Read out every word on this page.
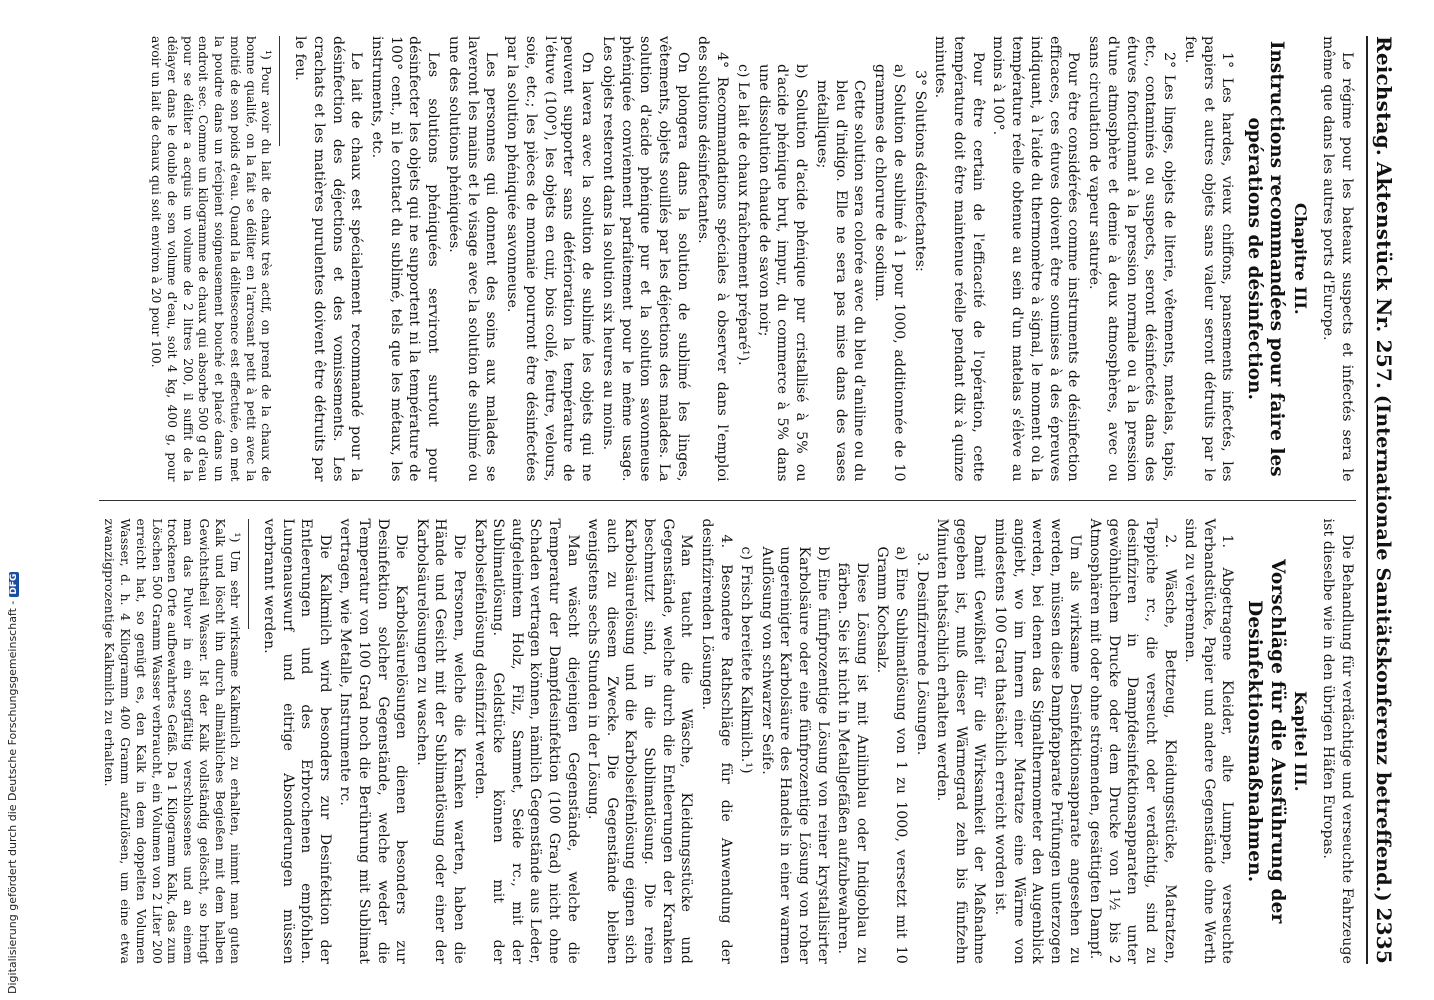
Reichstag.
Aktenstück Nr. 257.
(Internationale Sanitätskonferenz betreffend.)
2335

Le régime pour les bateaux suspects et infectés sera le même que dans les autres ports d'Europe.

Chapitre III.

Instructions recommandées pour faire les opérations de désinfection.

1° Les hardes, vieux chiffons, pansements infectés, les papiers et autres objets sans valeur seront détruits par le feu.

2° Les linges, objets de literie, vêtements, matelas, tapis, etc., contaminés ou suspects, seront désinfectés dans des étuves fonctionnant à la pression normale ou à la pression d'une atmosphère et demie à deux atmosphères, avec ou sans circulation de vapeur saturée.

Pour être considérées comme instruments de désinfection efficaces, ces étuves doivent être soumises à des épreuves indiquant, à l'aide du thermomètre à signal, le moment où la température réelle obtenue au sein d'un matelas s'élève au moins à 100°.

Pour être certain de l'efficacité de l'opération, cette température doit être maintenue réelle pendant dix à quinze minutes.

3° Solutions désinfectantes:

a) Solution de sublimé à 1 pour 1000, additionnée de 10 grammes de chlorure de sodium.

Cette solution sera colorée avec du bleu d'aniline ou du bleu d'indigo. Elle ne sera pas mise dans des vases métalliques;

b) Solution d'acide phénique pur cristallisé à 5% ou d'acide phénique brut, impur, du commerce à 5% dans une dissolution chaude de savon noir;

c) Le lait de chaux fraîchement préparé¹).

4° Recommandations spéciales à observer dans l'emploi des solutions désinfectantes.

On plongera dans la solution de sublimé les linges, vêtements, objets souillés par les déjections des malades. La solution d'acide phénique pur et la solution savonneuse phéniquée conviennent parfaitement pour le même usage. Les objets resteront dans la solution six heures au moins.

On lavera avec la solution de sublimé les objets qui ne peuvent supporter sans détérioration la température de l'étuve (100°), les objets en cuir, bois collé, feutre, velours, soie, etc.; les pièces de monnaie pourront être désinfectées par la solution phéniquée savonneuse.

Les personnes qui donnent des soins aux malades se laveront les mains et le visage avec la solution de sublimé ou une des solutions phéniquées.

Les solutions phéniquées serviront surtout pour désinfecter les objets qui ne supportent ni la température de 100° cent., ni le contact du sublimé, tels que les métaux, les instruments, etc.

Le lait de chaux est spécialement recommandé pour la désinfection des déjections et des vomissements. Les crachats et les matières purulentes doivent être détruits par le feu.

¹) Pour avoir du lait de chaux très actif, on prend de la chaux de bonne qualité, on la fait se déliter en l'arrosant petit à petit avec la moitié de son poids d'eau. Quand la délitescence est effectuée, on met la poudre dans un récipient soigneusement bouché et placé dans un endroit sec. Comme un kilogramme de chaux qui absorbe 500 g d'eau pour se déliter a acquis un volume de 2 litres 200, il suffit de la délayer dans le double de son volume d'eau, soit 4 kg, 400 g, pour avoir un lait de chaux qui soit environ à 20 pour 100.

Die Behandlung für verdächtige und verseuchte Fahrzeuge ist dieselbe wie in den übrigen Häfen Europas.

Kapitel III.

Vorschläge für die Ausführung der Desinfektionsmaßnahmen.

1. Abgetragene Kleider, alte Lumpen, verseuchte Verbandstücke, Papier und andere Gegenstände ohne Werth sind zu verbrennen.

2. Wäsche, Bettzeug, Kleidungsstücke, Matratzen, Teppiche rc., die verseucht oder verdächtig, sind zu desinfiziren in Dampfdesinfektionsapparaten unter gewöhnlichem Drucke oder dem Drucke von 1½ bis 2 Atmosphären mit oder ohne strömenden, gesättigten Dampf.

Um als wirksame Desinfektionsapparate angesehen zu werden, müssen diese Dampfapparate Prüfungen unterzogen werden, bei denen das Signalthermometer den Augenblick angiebt, wo im Innern einer Matratze eine Wärme von mindestens 100 Grad thatsächlich erreicht worden ist.

Damit Gewißheit für die Wirksamkeit der Maßnahme gegeben ist, muß dieser Wärmegrad zehn bis fünfzehn Minuten thatsächlich erhalten werden.

3. Desinfizirende Lösungen.

a) Eine Sublimatlösung von 1 zu 1000, versetzt mit 10 Gramm Kochsalz.

Diese Lösung ist mit Anilinblau oder Indigoblau zu färben. Sie ist nicht in Metallgefäßen aufzubewahren.

b) Eine fünfprozentige Lösung von reiner krystallisirter Karbolsäure oder eine fünfprozentige Lösung von roher ungereinigter Karbolsäure des Handels in einer warmen Auflösung von schwarzer Seife.

c) Frisch bereitete Kalkmilch.¹)

4. Besondere Rathschläge für die Anwendung der desinfizirenden Lösungen.

Man taucht die Wäsche, Kleidungsstücke und Gegenstände, welche durch die Entleerungen der Kranken beschmutzt sind, in die Sublimatlösung. Die reine Karbolsäurelösung und die Karbolseifenlösung eignen sich auch zu diesem Zwecke. Die Gegenstände bleiben wenigstens sechs Stunden in der Lösung.

Man wäscht diejenigen Gegenstände, welche die Temperatur der Dampfdesinfektion (100 Grad) nicht ohne Schaden vertragen können, nämlich Gegenstände aus Leder, aufgeleimtem Holz, Filz, Sammet, Seide rc., mit der Sublimatlösung. Geldstücke können mit der Karbolseifenlösung desinfizirt werden.

Die Personen, welche die Kranken warten, haben die Hände und Gesicht mit der Sublimatlösung oder einer der Karbolsäurelösungen zu waschen.

Die Karbolsäurelösungen dienen besonders zur Desinfektion solcher Gegenstände, welche weder die Temperatur von 100 Grad noch die Berührung mit Sublimat vertragen, wie Metalle, Instrumente rc.

Die Kalkmilch wird besonders zur Desinfektion der Entleerungen und des Erbrochenen empfohlen. Lungenauswurf und eitrige Absonderungen müssen verbrannt werden.

¹) Um sehr wirksame Kalkmilch zu erhalten, nimmt man guten Kalk und löscht ihn durch allmähliches Begießen mit dem halben Gewichtstheil Wasser. Ist der Kalk vollständig gelöscht, so bringt man das Pulver in ein sorgfältig verschlossenes und an einem trockenen Orte aufbewahrtes Gefäß. Da 1 Kilogramm Kalk, das zum Löschen 500 Gramm Wasser verbraucht, ein Volumen von 2 Liter 200 erreicht hat, so genügt es, den Kalk in dem doppelten Volumen Wasser, d. h. 4 Kilogramm 400 Gramm aufzulösen, um eine etwa zwanzigprozentige Kalkmilch zu erhalten.

Digitalisierung gefördert durch die Deutsche Forschungsgemeinschaft -DFG
